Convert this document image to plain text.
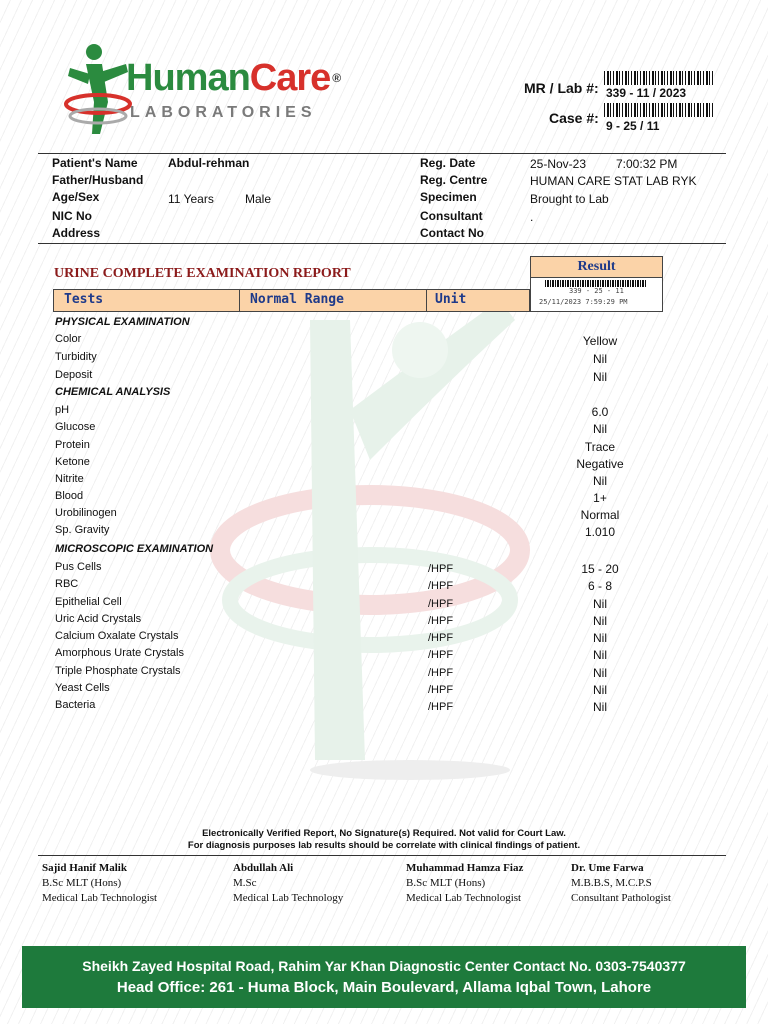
HumanCare ®
LABORATORIES
MR / Lab #: 339 - 11 / 2023
Case #: 9 - 25 / 11
Patient's Name	Abdul-rehman
Father/Husband
Age/Sex	11 Years	Male
NIC No
Address
Reg. Date	25-Nov-23 7:00:32 PM
Reg. Centre	HUMAN CARE STAT LAB RYK
Specimen	Brought to Lab
Consultant	.
Contact No
URINE COMPLETE EXAMINATION REPORT
Tests	Normal Range	Unit
Result
339 - 25 - 11
25/11/2023 7:59:29 PM
PHYSICAL EXAMINATION
CHEMICAL ANALYSIS
MICROSCOPIC EXAMINATION
Color	Yellow
Turbidity	Nil
Deposit	Nil
pH	6.0
Glucose	Nil
Protein	Trace
Ketone	Negative
Nitrite	Nil
Blood	1+
Urobilinogen	Normal
Sp. Gravity	1.010
Pus Cells	/HPF	15 - 20
RBC	/HPF	6 - 8
Epithelial Cell	/HPF	Nil
Uric Acid Crystals	/HPF	Nil
Calcium Oxalate Crystals	/HPF	Nil
Amorphous Urate Crystals	/HPF	Nil
Triple Phosphate Crystals	/HPF	Nil
Yeast Cells	/HPF	Nil
Bacteria	/HPF	Nil
Electronically Verified Report, No Signature(s) Required. Not valid for Court Law.
For diagnosis purposes lab results should be correlate with clinical findings of patient.
Sajid Hanif Malik
B.Sc MLT (Hons)
Medical Lab Technologist
Abdullah Ali
M.Sc
Medical Lab Technology
Muhammad Hamza Fiaz
B.Sc MLT (Hons)
Medical Lab Technologist
Dr. Ume Farwa
M.B.B.S, M.C.P.S
Consultant Pathologist
Sheikh Zayed Hospital Road, Rahim Yar Khan Diagnostic Center Contact No. 0303-7540377
Head Office: 261 - Huma Block, Main Boulevard, Allama Iqbal Town, Lahore
